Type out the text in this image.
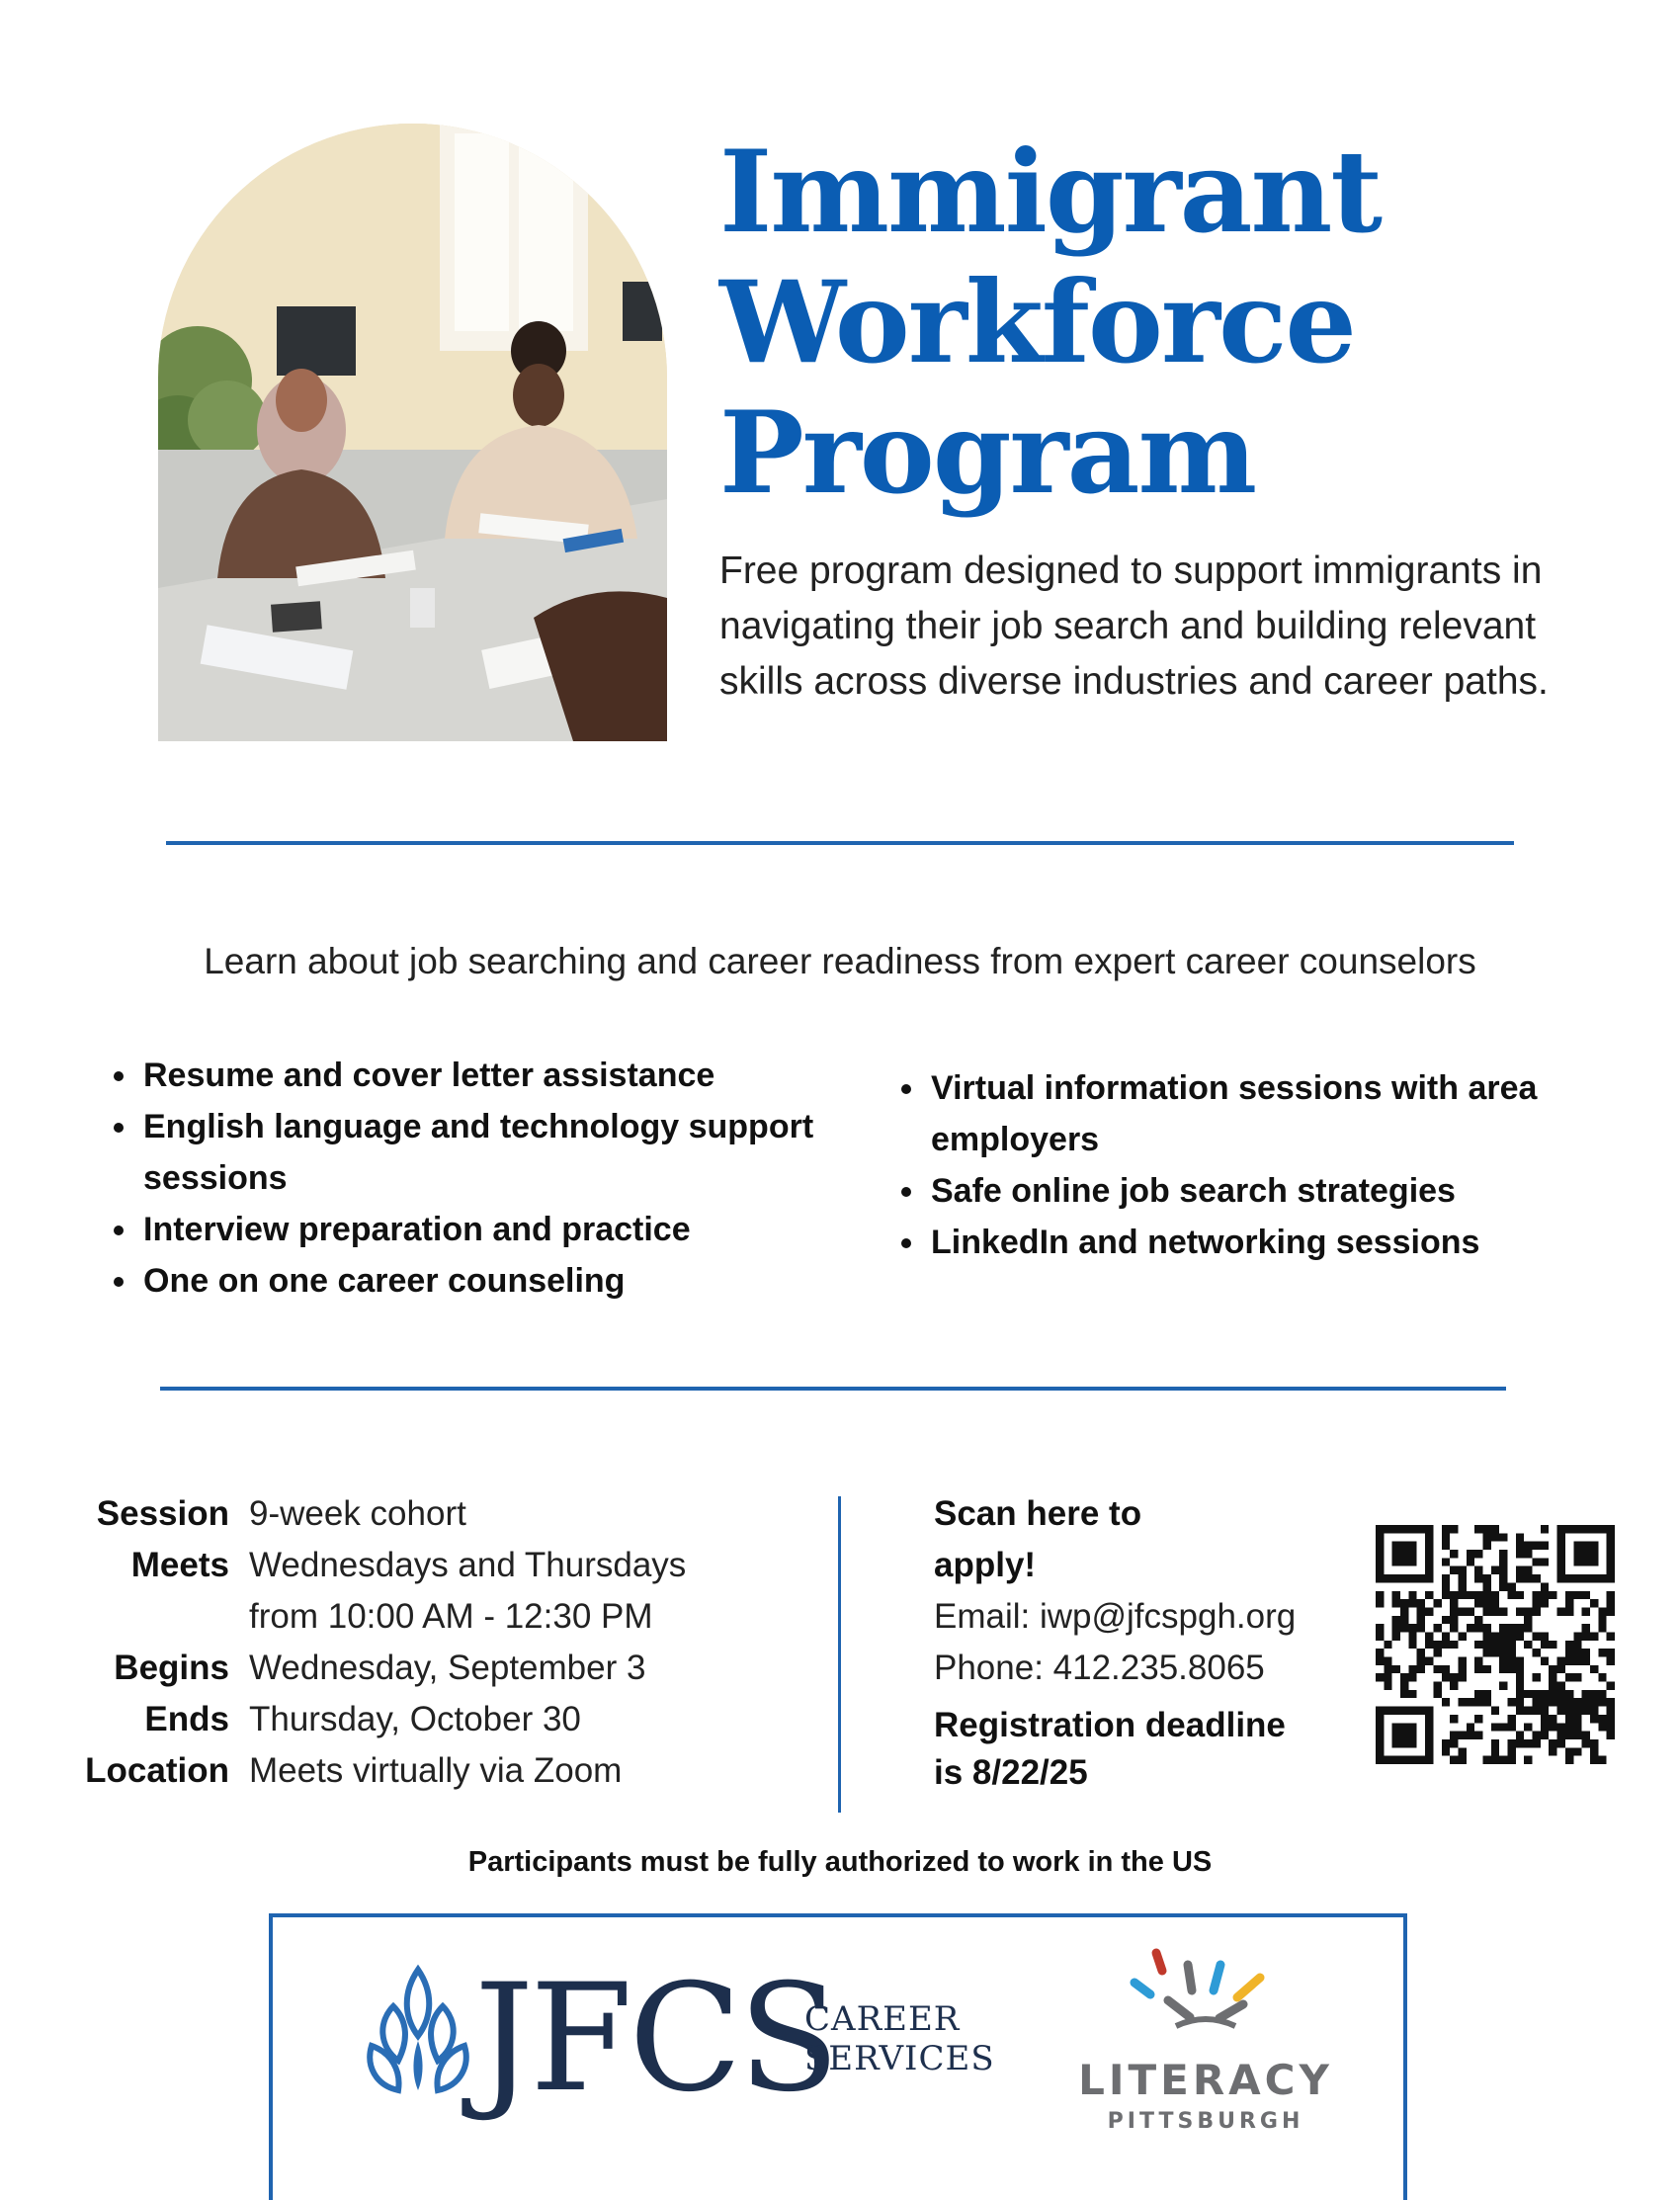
Immigrant
Workforce
Program
Free program designed to support immigrants in navigating their job search and building relevant skills across diverse industries and career paths.
Learn about job searching and career readiness from expert career counselors
Resume and cover letter assistance
English language and technology support sessions
Interview preparation and practice
One on one career counseling
Virtual information sessions with area employers
Safe online job search strategies
LinkedIn and networking sessions
Session 9-week cohort
Meets Wednesdays and Thursdays
from 10:00 AM - 12:30 PM
Begins Wednesday, September 3
Ends Thursday, October 30
Location Meets virtually via Zoom
Scan here to
apply!
Email: iwp@jfcspgh.org
Phone: 412.235.8065
Registration deadline
is 8/22/25
Participants must be fully authorized to work in the US
JFCS
CAREER
SERVICES LITERACY
PITTSBURGH
